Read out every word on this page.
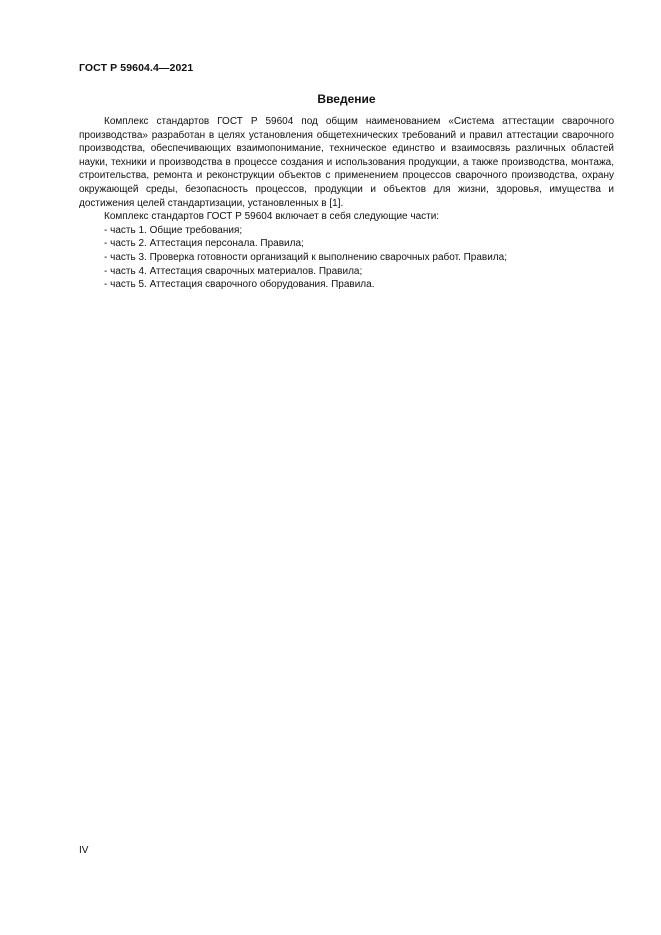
ГОСТ Р 59604.4—2021
Введение

Комплекс стандартов ГОСТ Р 59604 под общим наименованием «Система аттестации сварочного производства» разработан в целях установления общетехнических требований и правил аттестации сварочного производства, обеспечивающих взаимопонимание, техническое единство и взаимосвязь различных областей науки, техники и производства в процессе создания и использования продукции, а также производства, монтажа, строительства, ремонта и реконструкции объектов с применением процессов сварочного производства, охрану окружающей среды, безопасность процессов, продукции и объектов для жизни, здоровья, имущества и достижения целей стандартизации, установленных в [1].

Комплекс стандартов ГОСТ Р 59604 включает в себя следующие части:

- часть 1. Общие требования;
- часть 2. Аттестация персонала. Правила;
- часть 3. Проверка готовности организаций к выполнению сварочных работ. Правила;
- часть 4. Аттестация сварочных материалов. Правила;
- часть 5. Аттестация сварочного оборудования. Правила.
IV
